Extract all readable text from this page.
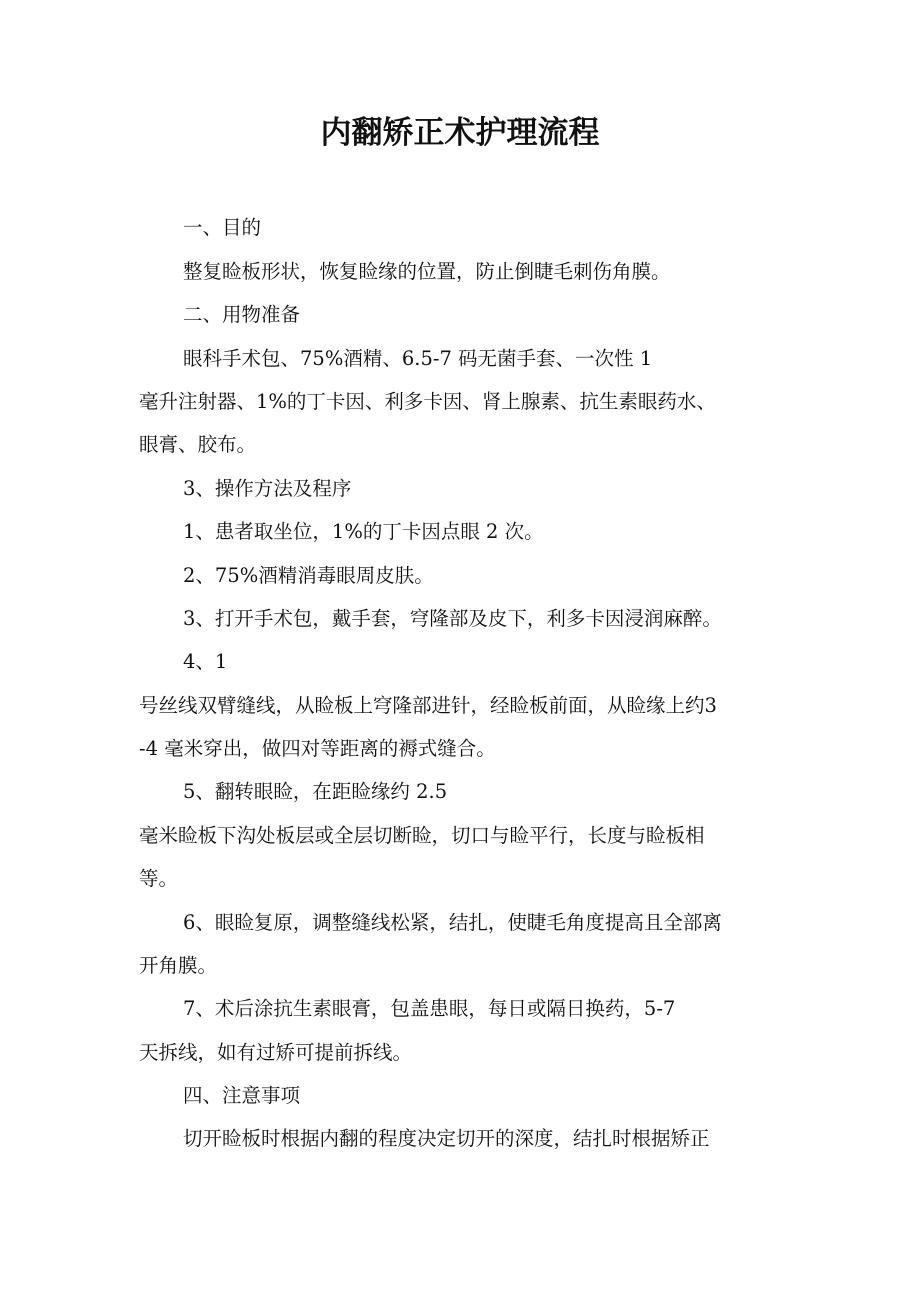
内翻矫正术护理流程
一、目的
整复睑板形状，恢复睑缘的位置，防止倒睫毛刺伤角膜。
二、用物准备
眼科手术包、75%酒精、6.5-7 码无菌手套、一次性 1
毫升注射器、1%的丁卡因、利多卡因、肾上腺素、抗生素眼药水、
眼膏、胶布。
3、操作方法及程序
1、患者取坐位，1%的丁卡因点眼 2 次。
2、75%酒精消毒眼周皮肤。
3、打开手术包，戴手套，穹隆部及皮下，利多卡因浸润麻醉。
4、1
号丝线双臂缝线，从睑板上穹隆部进针，经睑板前面，从睑缘上约3
-4 毫米穿出，做四对等距离的褥式缝合。
5、翻转眼睑，在距睑缘约 2.5
毫米睑板下沟处板层或全层切断睑，切口与睑平行，长度与睑板相
等。
6、眼睑复原，调整缝线松紧，结扎，使睫毛角度提高且全部离
开角膜。
7、术后涂抗生素眼膏，包盖患眼，每日或隔日换药，5-7
天拆线，如有过矫可提前拆线。
四、注意事项
切开睑板时根据内翻的程度决定切开的深度，结扎时根据矫正
